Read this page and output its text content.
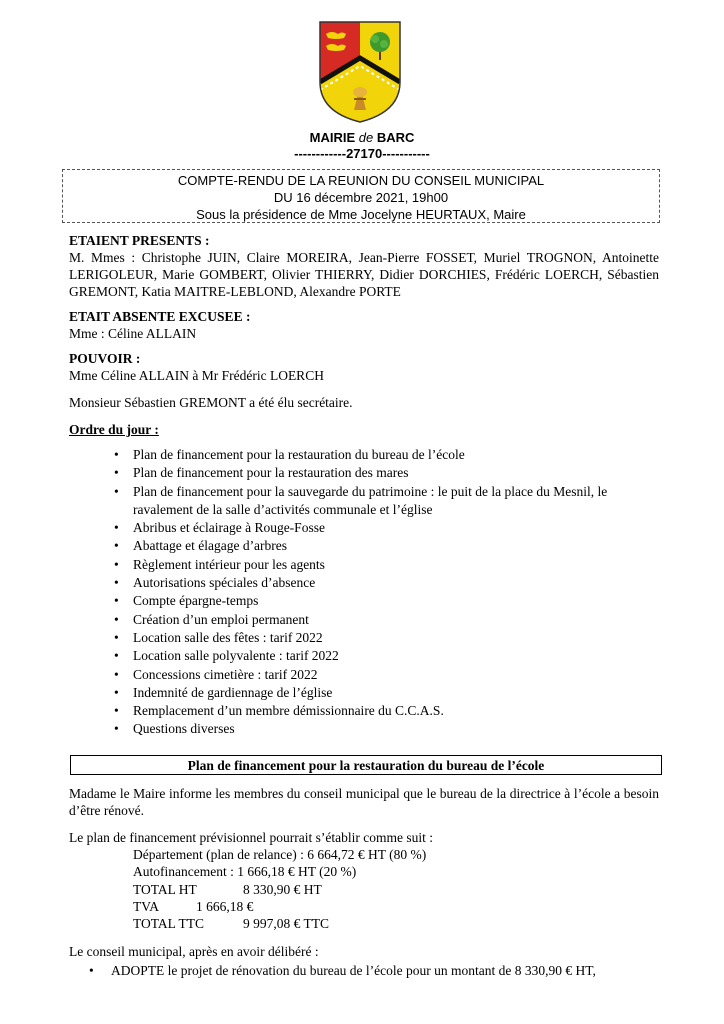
MAIRIE de BARC
------------27170-----------
COMPTE-RENDU DE LA REUNION DU CONSEIL MUNICIPAL
DU 16 décembre 2021, 19h00
Sous la présidence de Mme Jocelyne HEURTAUX, Maire

ETAIENT PRESENTS :

M. Mmes : Christophe JUIN, Claire MOREIRA, Jean-Pierre FOSSET, Muriel TROGNON, Antoinette LERIGOLEUR, Marie GOMBERT, Olivier THIERRY, Didier DORCHIES, Frédéric LOERCH, Sébastien GREMONT, Katia MAITRE-LEBLOND, Alexandre PORTE

ETAIT ABSENTE EXCUSEE :

Mme : Céline ALLAIN

POUVOIR :

Mme Céline ALLAIN à Mr Frédéric LOERCH

Monsieur Sébastien GREMONT a été élu secrétaire.

Ordre du jour :

• Plan de financement pour la restauration du bureau de l’école
• Plan de financement pour la restauration des mares
• Plan de financement pour la sauvegarde du patrimoine : le puit de la place du Mesnil, le ravalement de la salle d’activités communale et l’église
• Abribus et éclairage à Rouge-Fosse
• Abattage et élagage d’arbres
• Règlement intérieur pour les agents
• Autorisations spéciales d’absence
• Compte épargne-temps
• Création d’un emploi permanent
• Location salle des fêtes : tarif 2022
• Location salle polyvalente : tarif 2022
• Concessions cimetière : tarif 2022
• Indemnité de gardiennage de l’église
• Remplacement d’un membre démissionnaire du C.C.A.S.
• Questions diverses
Plan de financement pour la restauration du bureau de l’école

Madame le Maire informe les membres du conseil municipal que le bureau de la directrice à l’école a besoin d’être rénové.

Le plan de financement prévisionnel pourrait s’établir comme suit :

Département (plan de relance) : 6 664,72 € HT (80 %)
Autofinancement : 1 666,18 € HT (20 %)
TOTAL HT	8 330,90 € HT
TVA	1 666,18 €
TOTAL TTC	9 997,08 € TTC

Le conseil municipal, après en avoir délibéré :

• ADOPTE le projet de rénovation du bureau de l’école pour un montant de 8 330,90 € HT,
